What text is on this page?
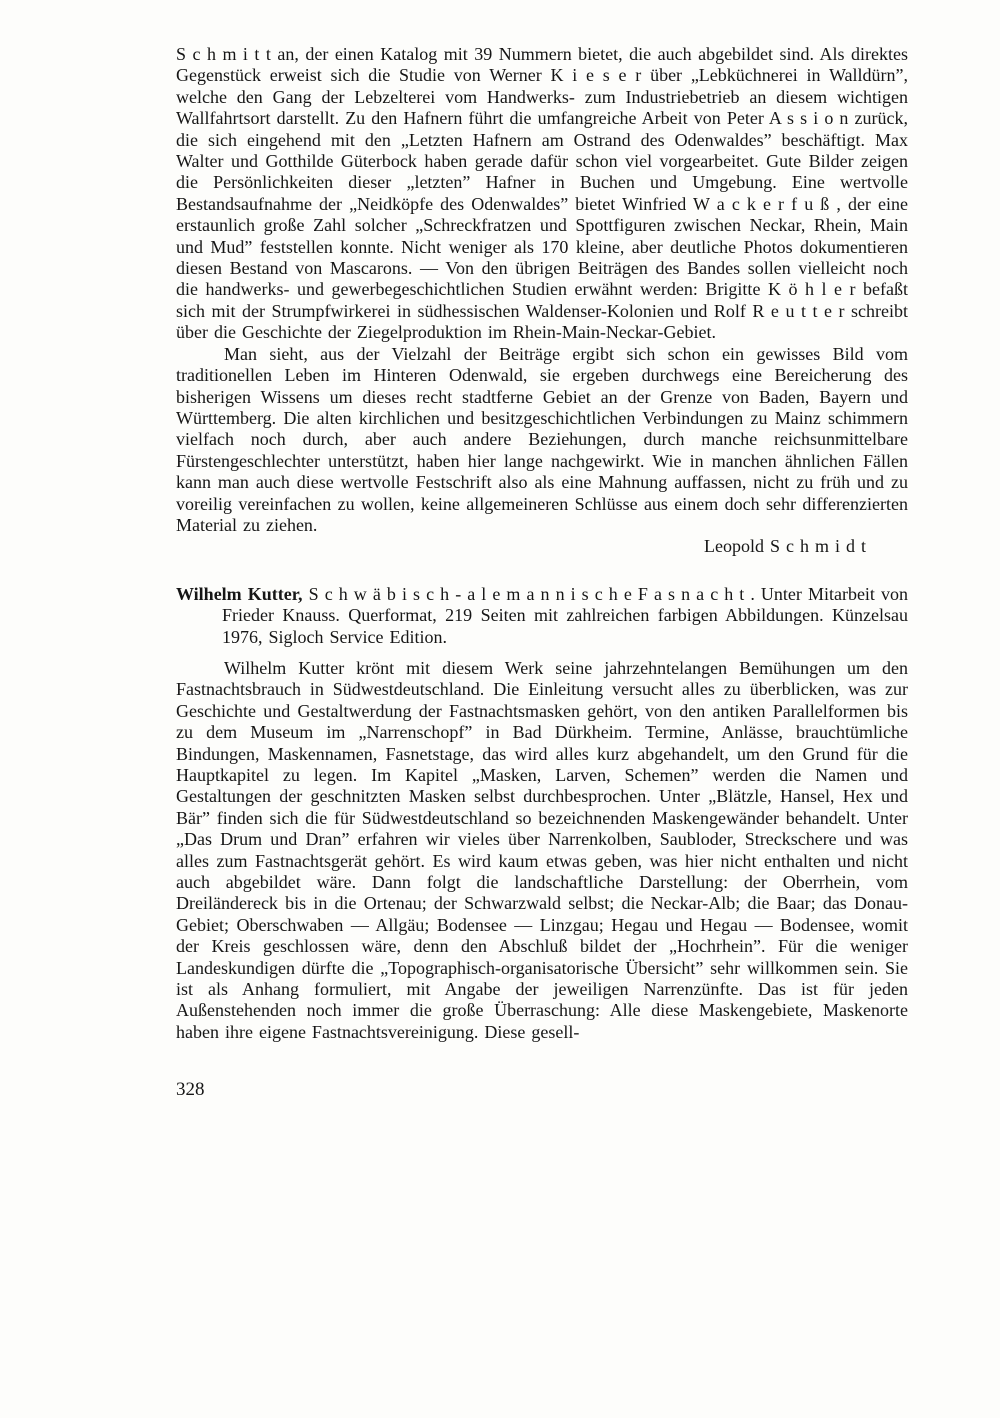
S c h m i t t an, der einen Katalog mit 39 Nummern bietet, die auch abgebildet sind. Als direktes Gegenstück erweist sich die Studie von Werner K i e s e r über „Lebküchnerei in Walldürn”, welche den Gang der Lebzelterei vom Handwerks- zum Industriebetrieb an diesem wichtigen Wallfahrtsort darstellt. Zu den Hafnern führt die umfangreiche Arbeit von Peter A s s i o n zurück, die sich eingehend mit den „Letzten Hafnern am Ostrand des Odenwaldes” beschäftigt. Max Walter und Gotthilde Güterbock haben gerade dafür schon viel vorgearbeitet. Gute Bilder zeigen die Persönlichkeiten dieser „letzten” Hafner in Buchen und Umgebung. Eine wertvolle Bestandsaufnahme der „Neidköpfe des Odenwaldes” bietet Winfried W a c k e r f u ß , der eine erstaunlich große Zahl solcher „Schreckfratzen und Spottfiguren zwischen Neckar, Rhein, Main und Mud” feststellen konnte. Nicht weniger als 170 kleine, aber deutliche Photos dokumentieren diesen Bestand von Mascarons. — Von den übrigen Beiträgen des Bandes sollen vielleicht noch die handwerks- und gewerbegeschichtlichen Studien erwähnt werden: Brigitte K ö h l e r befaßt sich mit der Strumpfwirkerei in südhessischen Waldenser-Kolonien und Rolf R e u t t e r schreibt über die Geschichte der Ziegelproduktion im Rhein-Main-Neckar-Gebiet.

Man sieht, aus der Vielzahl der Beiträge ergibt sich schon ein gewisses Bild vom traditionellen Leben im Hinteren Odenwald, sie ergeben durchwegs eine Bereicherung des bisherigen Wissens um dieses recht stadtferne Gebiet an der Grenze von Baden, Bayern und Württemberg. Die alten kirchlichen und besitzgeschichtlichen Verbindungen zu Mainz schimmern vielfach noch durch, aber auch andere Beziehungen, durch manche reichsunmittelbare Fürstengeschlechter unterstützt, haben hier lange nachgewirkt. Wie in manchen ähnlichen Fällen kann man auch diese wertvolle Festschrift also als eine Mahnung auffassen, nicht zu früh und zu voreilig vereinfachen zu wollen, keine allgemeineren Schlüsse aus einem doch sehr differenzierten Material zu ziehen.

Leopold S c h m i d t

Wilhelm Kutter, S c h w ä b i s c h - a l e m a n n i s c h e F a s n a c h t . Unter Mitarbeit von Frieder Knauss. Querformat, 219 Seiten mit zahlreichen farbigen Abbildungen. Künzelsau 1976, Sigloch Service Edition.

Wilhelm Kutter krönt mit diesem Werk seine jahrzehntelangen Bemühungen um den Fastnachtsbrauch in Südwestdeutschland. Die Einleitung versucht alles zu überblicken, was zur Geschichte und Gestaltwerdung der Fastnachtsmasken gehört, von den antiken Parallelformen bis zu dem Museum im „Narrenschopf” in Bad Dürkheim. Termine, Anlässe, brauchtümliche Bindungen, Maskennamen, Fasnetstage, das wird alles kurz abgehandelt, um den Grund für die Hauptkapitel zu legen. Im Kapitel „Masken, Larven, Schemen” werden die Namen und Gestaltungen der geschnitzten Masken selbst durchbesprochen. Unter „Blätzle, Hansel, Hex und Bär” finden sich die für Südwestdeutschland so bezeichnenden Maskengewänder behandelt. Unter „Das Drum und Dran” erfahren wir vieles über Narrenkolben, Saubloder, Streckschere und was alles zum Fastnachtsgerät gehört. Es wird kaum etwas geben, was hier nicht enthalten und nicht auch abgebildet wäre. Dann folgt die landschaftliche Darstellung: der Oberrhein, vom Dreiländereck bis in die Ortenau; der Schwarzwald selbst; die Neckar-Alb; die Baar; das Donau-Gebiet; Oberschwaben — Allgäu; Bodensee — Linzgau; Hegau und Hegau — Bodensee, womit der Kreis geschlossen wäre, denn den Abschluß bildet der „Hochrhein”. Für die weniger Landeskundigen dürfte die „Topographisch-organisatorische Übersicht” sehr willkommen sein. Sie ist als Anhang formuliert, mit Angabe der jeweiligen Narrenzünfte. Das ist für jeden Außenstehenden noch immer die große Überraschung: Alle diese Maskengebiete, Maskenorte haben ihre eigene Fastnachtsvereinigung. Diese gesell-

328
